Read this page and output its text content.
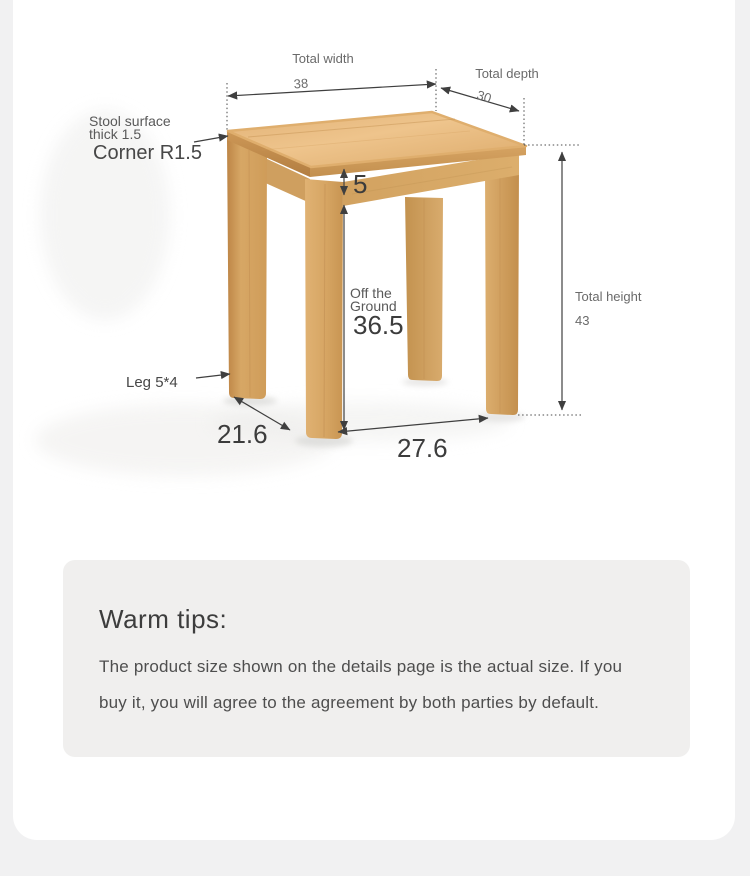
Total width
38
Total depth
30
Stool surface
thick 1.5
Corner R1.5
5
Off the
Ground
36.5
Total height
43
Leg 5*4
21.6	27.6
Warm tips:

The product size shown on the details page is the actual size. If you

buy it, you will agree to the agreement by both parties by default.
